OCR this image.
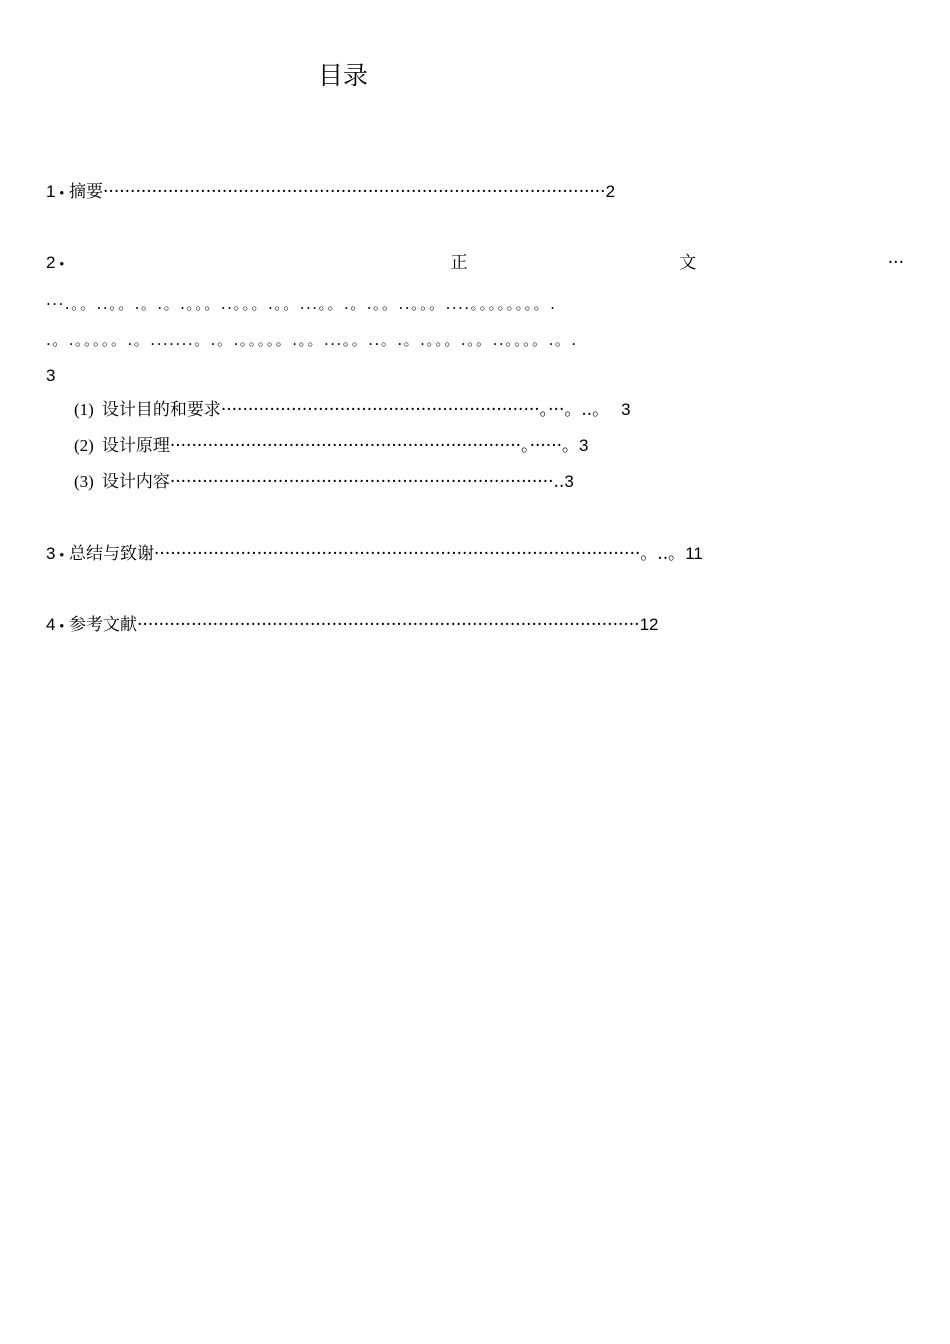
目录
1 • 摘要·····························································································2
2 •	正	文	···
···.。。..。。.。.。.。。。..。。。.。。...。。.。.。。..。。。....。。。。。。。。.
.。.。。。。。.。.......。.。.。。。。。.。。...。。..。.。.。。。.。。..。。。。.。.
3
(1) 设计目的和要求···························································。···。..。 3
(2) 设计原理·································································。······。3
(3) 设计内容·······································································..3
3 • 总结与致谢··························································································。..。11
4 • 参考文献·····························································································12
